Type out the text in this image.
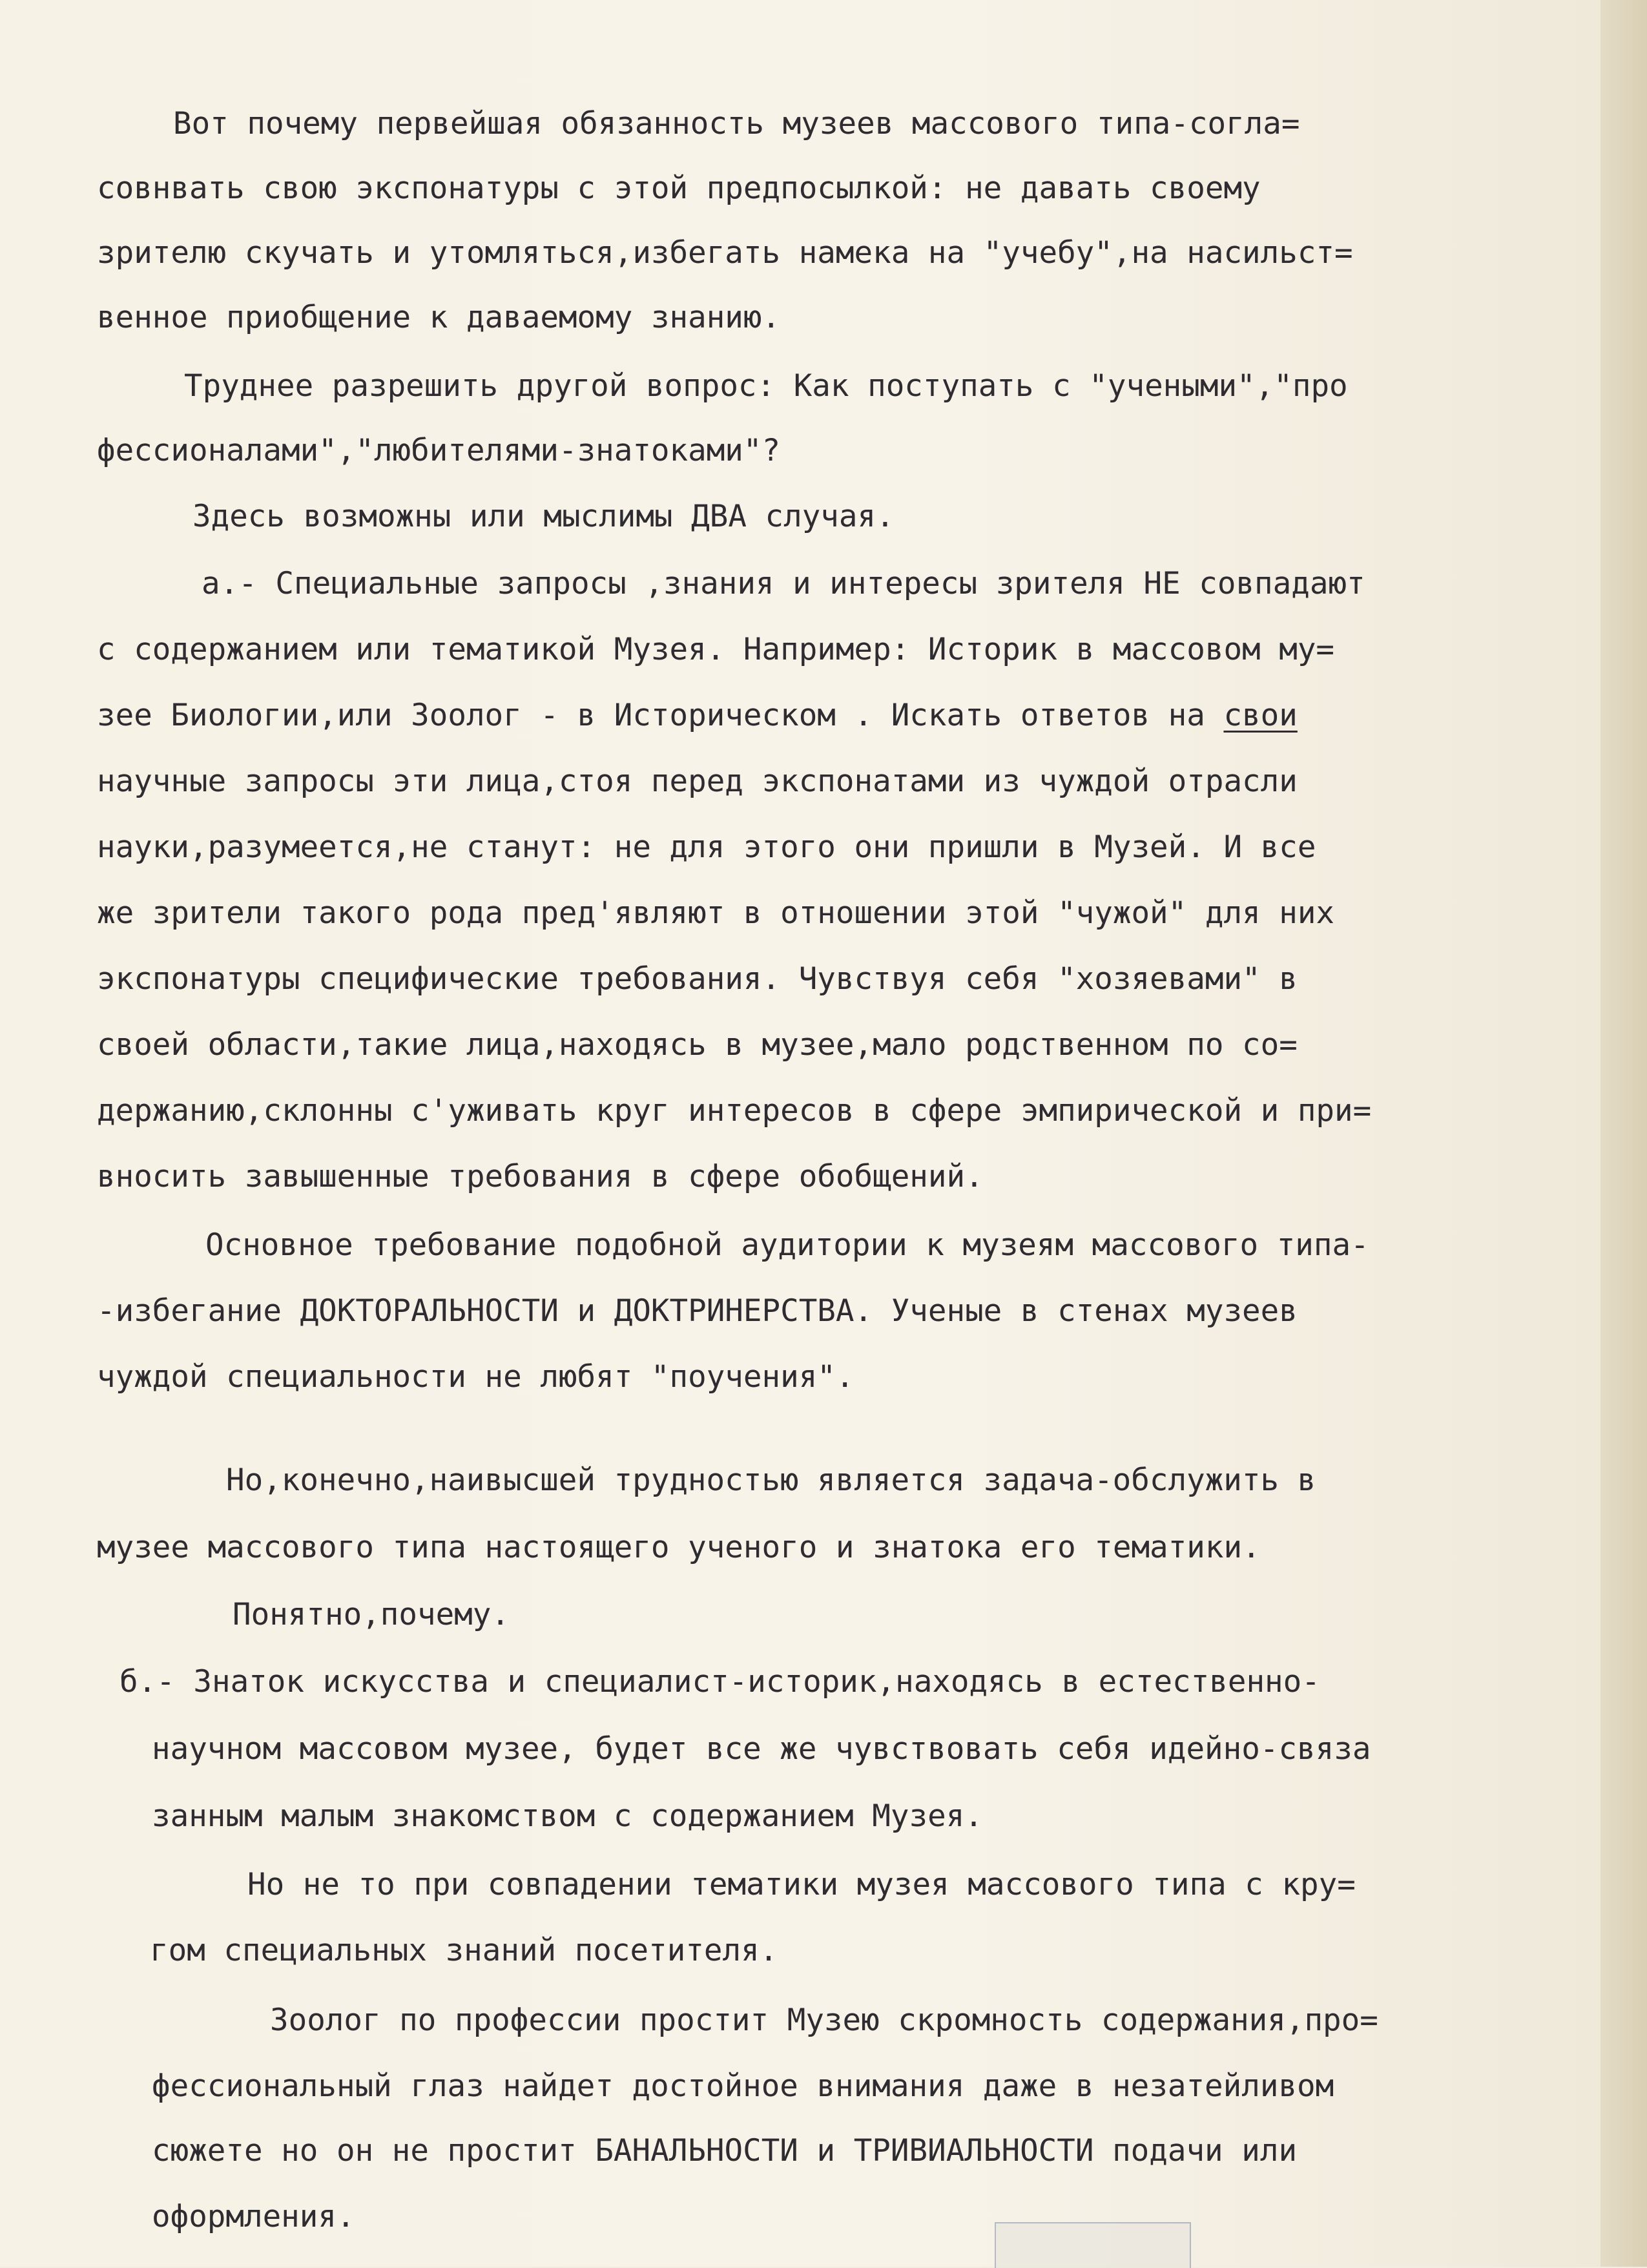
Вот почему первейшая обязанность музеев массового типа-согла=

совнвать свою экспонатуры с этой предпосылкой: не давать своему

зрителю скучать и утомляться,избегать намека на "учебу",на насильст=

венное приобщение к даваемому знанию.

Труднее разрешить другой вопрос: Как поступать с "учеными","про

фессионалами","любителями-знатоками"?

Здесь возможны или мыслимы ДВА случая.

а.- Специальные запросы ,знания и интересы зрителя НЕ совпадают

с содержанием или тематикой Музея. Например: Историк в массовом му=

зее Биологии,или Зоолог - в Историческом . Искать ответов на свои

научные запросы эти лица,стоя перед экспонатами из чуждой отрасли

науки,разумеется,не станут: не для этого они пришли в Музей. И все

же зрители такого рода пред'являют в отношении этой "чужой" для них

экспонатуры специфические требования. Чувствуя себя "хозяевами" в

своей области,такие лица,находясь в музее,мало родственном по со=

держанию,склонны с'уживать круг интересов в сфере эмпирической и при=

вносить завышенные требования в сфере обобщений.

Основное требование подобной аудитории к музеям массового типа-

-избегание ДОКТОРАЛЬНОСТИ и ДОКТРИНЕРСТВА. Ученые в стенах музеев

чуждой специальности не любят "поучения".

Но,конечно,наивысшей трудностью является задача-обслужить в

музее массового типа настоящего ученого и знатока его тематики.

Понятно,почему.

б.- Знаток искусства и специалист-историк,находясь в естественно-

научном массовом музее, будет все же чувствовать себя идейно-связа

занным малым знакомством с содержанием Музея.

Но не то при совпадении тематики музея массового типа с кру=

гом специальных знаний посетителя.

Зоолог по профессии простит Музею скромность содержания,про=

фессиональный глаз найдет достойное внимания даже в незатейливом

сюжете но он не простит БАНАЛЬНОСТИ и ТРИВИАЛЬНОСТИ подачи или

оформления.
